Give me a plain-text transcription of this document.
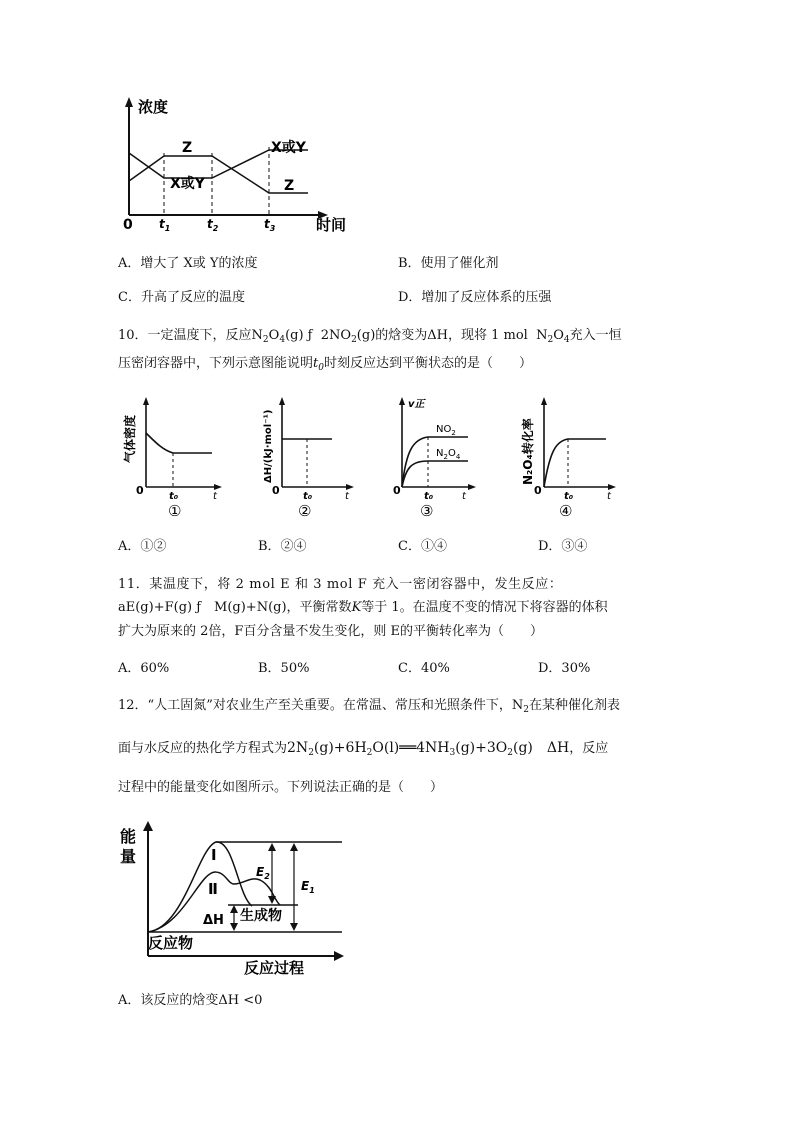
浓度
0	时间
Z
X或Y
X或Y
Z
$t_1$	$t_2$	$t_3$
A．增大了 X或 Y的浓度	B．使用了催化剂
C．升高了反应的温度	D．增加了反应体系的压强
10．一定温度下，反应$N_2O_4(g)$ ƒ $2NO_2(g)$的焓变为ΔH，现将 1 mol $N_2O_4$充入一恒
压密闭容器中，下列示意图能说明$t_0$时刻反应达到平衡状态的是（　　）
气体密度
0	t₀	t
①
ΔH/(kJ·mol⁻¹)
0 t₀	t
②
v正
$NO_2$
$N_2O_4$
0 t₀	t
③
N₂O₄转化率
0 t₀	t
④
A．①②	B．②④	C．①④	D．③④
11．某温度下，将 2 mol E 和 3 mol F 充入一密闭容器中，发生反应：
aE(g)+F(g) ƒ　M(g)+N(g)，平衡常数K等于 1。在温度不变的情况下将容器的体积
扩大为原来的 2倍，F百分含量不发生变化，则 E的平衡转化率为（　　）
A．60%	B．50%	C．40%	D．30%
12．“人工固氮”对农业生产至关重要。在常温、常压和光照条件下，$N_2$在某种催化剂表
面与水反应的热化学方程式为$2N_2(g)+6H_2O(l)══4NH_3(g)+3O_2(g)$　ΔH，反应
过程中的能量变化如图所示。下列说法正确的是（　　）
能
量	Ⅰ
Ⅱ
$E_2$
$E_1$
ΔH 生成物
反应物
反应过程
A．该反应的焓变ΔH <0
